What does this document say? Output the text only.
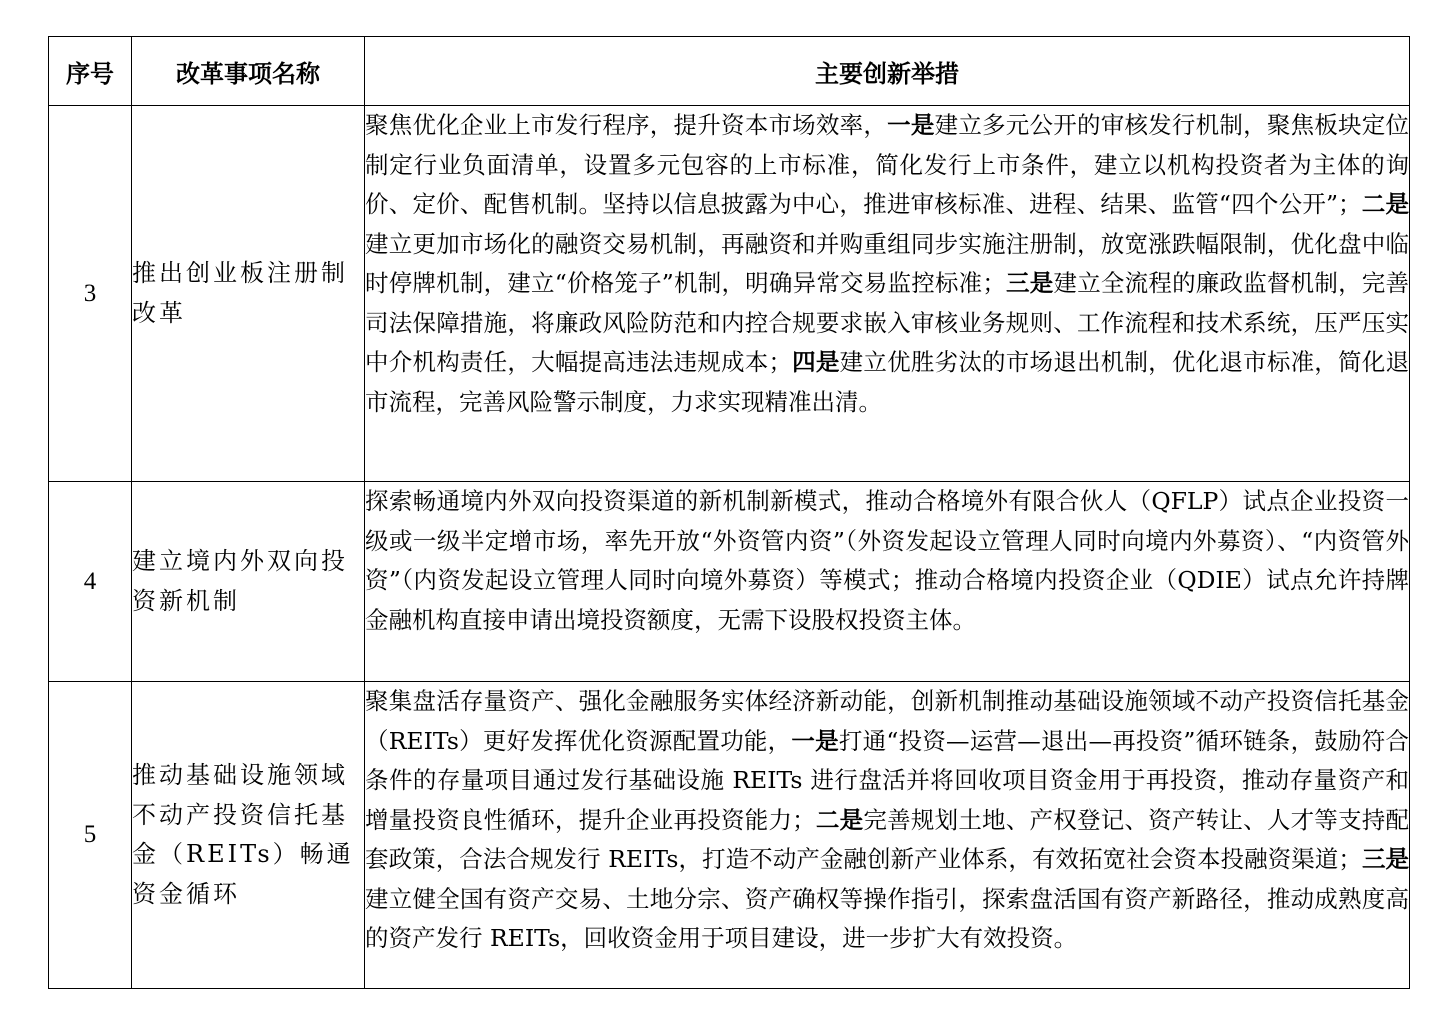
序号	改革事项名称	主要创新举措
3	推出创业板注册制改革	聚焦优化企业上市发行程序，提升资本市场效率，一是建立多元公开的审核发行机制，聚焦板块定位制定行业负面清单，设置多元包容的上市标准，简化发行上市条件，建立以机构投资者为主体的询价、定价、配售机制。坚持以信息披露为中心，推进审核标准、进程、结果、监管“四个公开”；二是建立更加市场化的融资交易机制，再融资和并购重组同步实施注册制，放宽涨跌幅限制，优化盘中临时停牌机制，建立“价格笼子”机制，明确异常交易监控标准；三是建立全流程的廉政监督机制，完善司法保障措施，将廉政风险防范和内控合规要求嵌入审核业务规则、工作流程和技术系统，压严压实中介机构责任，大幅提高违法违规成本；四是建立优胜劣汰的市场退出机制，优化退市标准，简化退市流程，完善风险警示制度，力求实现精准出清。

4	建立境内外双向投资新机制	探索畅通境内外双向投资渠道的新机制新模式，推动合格境外有限合伙人（QFLP）试点企业投资一级或一级半定增市场，率先开放“外资管内资”（外资发起设立管理人同时向境内外募资）、“内资管外资”（内资发起设立管理人同时向境外募资）等模式；推动合格境内投资企业（QDIE）试点允许持牌金融机构直接申请出境投资额度，无需下设股权投资主体。

5	推动基础设施领域不动产投资信托基金（REITs）畅通资金循环	聚集盘活存量资产、强化金融服务实体经济新动能，创新机制推动基础设施领域不动产投资信托基金（REITs）更好发挥优化资源配置功能，一是打通“投资—运营—退出—再投资”循环链条，鼓励符合条件的存量项目通过发行基础设施 REITs 进行盘活并将回收项目资金用于再投资，推动存量资产和增量投资良性循环，提升企业再投资能力；二是完善规划土地、产权登记、资产转让、人才等支持配套政策，合法合规发行 REITs，打造不动产金融创新产业体系，有效拓宽社会资本投融资渠道；三是建立健全国有资产交易、土地分宗、资产确权等操作指引，探索盘活国有资产新路径，推动成熟度高的资产发行 REITs，回收资金用于项目建设，进一步扩大有效投资。
